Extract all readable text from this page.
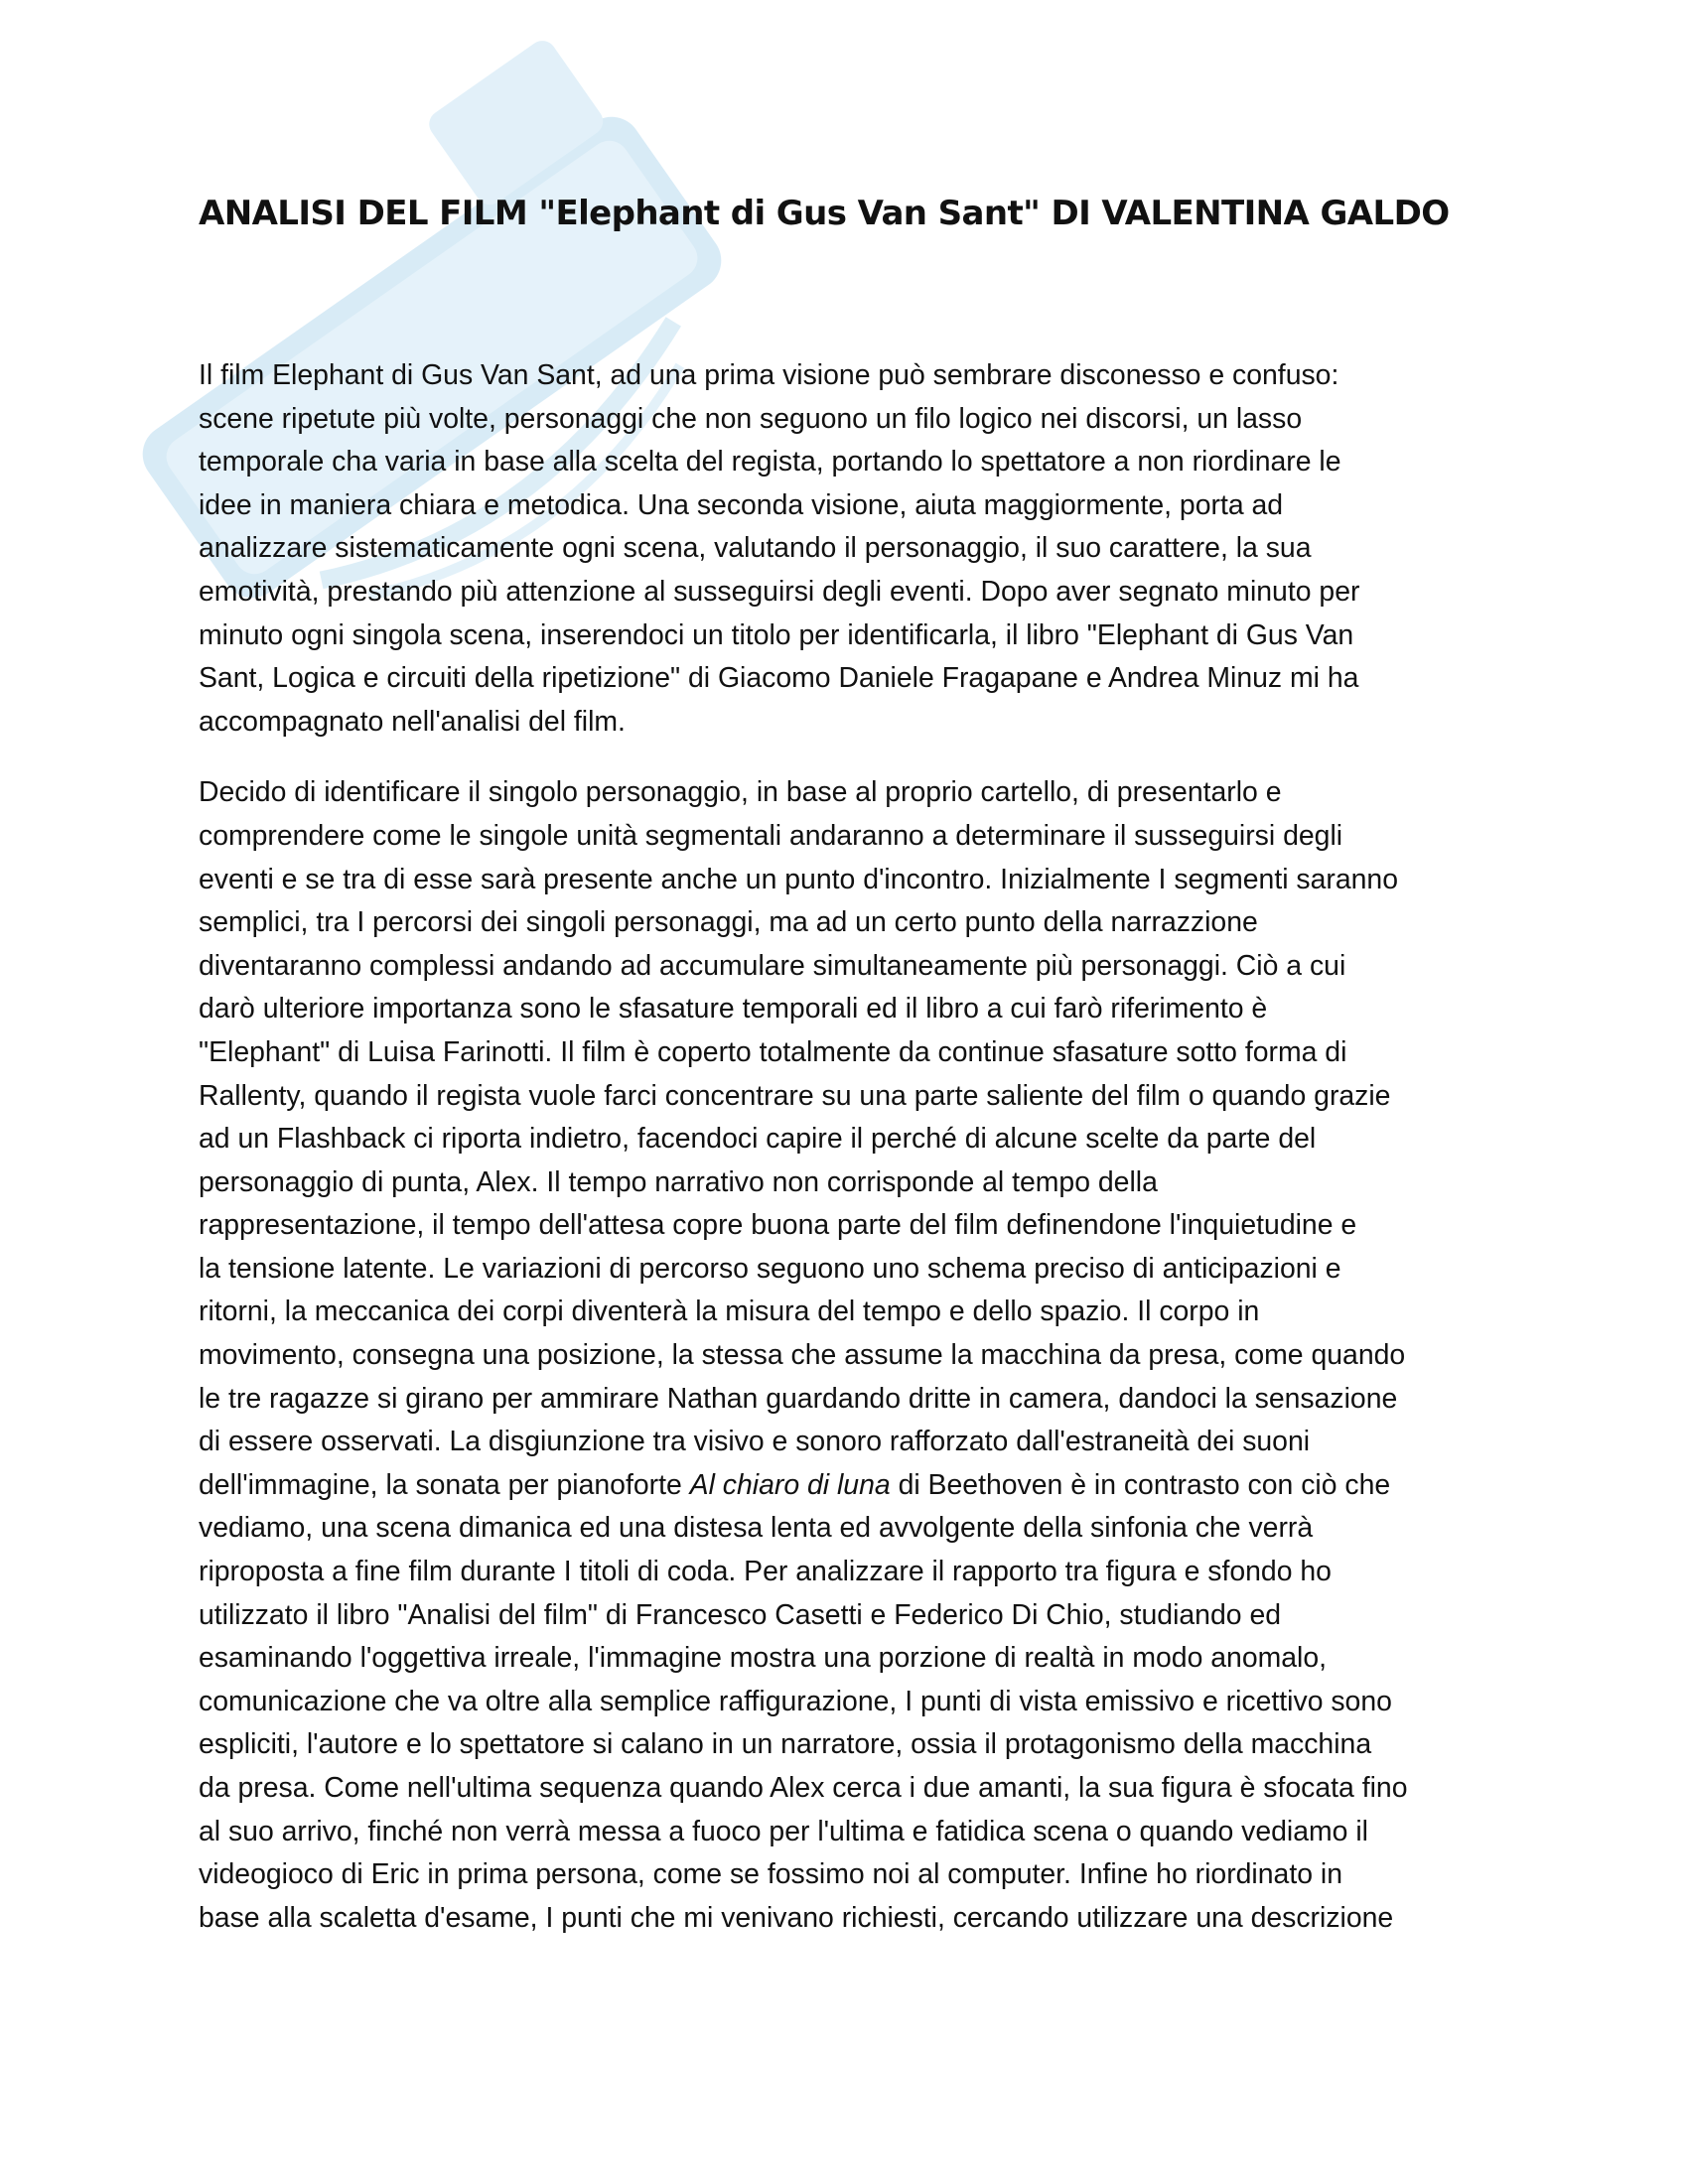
ANALISI DEL FILM "Elephant di Gus Van Sant" DI VALENTINA GALDO
Il film Elephant di Gus Van Sant, ad una prima visione può sembrare disconesso e confuso:
scene ripetute più volte, personaggi che non seguono un filo logico nei discorsi, un lasso
temporale cha varia in base alla scelta del regista, portando lo spettatore a non riordinare le
idee in maniera chiara e metodica. Una seconda visione, aiuta maggiormente, porta ad
analizzare sistematicamente ogni scena, valutando il personaggio, il suo carattere, la sua
emotività, prestando più attenzione al susseguirsi degli eventi. Dopo aver segnato minuto per
minuto ogni singola scena, inserendoci un titolo per identificarla, il libro "Elephant di Gus Van
Sant, Logica e circuiti della ripetizione" di Giacomo Daniele Fragapane e Andrea Minuz mi ha
accompagnato nell'analisi del film.
Decido di identificare il singolo personaggio, in base al proprio cartello, di presentarlo e
comprendere come le singole unità segmentali andaranno a determinare il susseguirsi degli
eventi e se tra di esse sarà presente anche un punto d'incontro. Inizialmente I segmenti saranno
semplici, tra I percorsi dei singoli personaggi, ma ad un certo punto della narrazzione
diventaranno complessi andando ad accumulare simultaneamente più personaggi. Ciò a cui
darò ulteriore importanza sono le sfasature temporali ed il libro a cui farò riferimento è
"Elephant" di Luisa Farinotti. Il film è coperto totalmente da continue sfasature sotto forma di
Rallenty, quando il regista vuole farci concentrare su una parte saliente del film o quando grazie
ad un Flashback ci riporta indietro, facendoci capire il perché di alcune scelte da parte del
personaggio di punta, Alex. Il tempo narrativo non corrisponde al tempo della
rappresentazione, il tempo dell'attesa copre buona parte del film definendone l'inquietudine e
la tensione latente. Le variazioni di percorso seguono uno schema preciso di anticipazioni e
ritorni, la meccanica dei corpi diventerà la misura del tempo e dello spazio. Il corpo in
movimento, consegna una posizione, la stessa che assume la macchina da presa, come quando
le tre ragazze si girano per ammirare Nathan guardando dritte in camera, dandoci la sensazione
di essere osservati. La disgiunzione tra visivo e sonoro rafforzato dall'estraneità dei suoni
dell'immagine, la sonata per pianoforte Al chiaro di luna di Beethoven è in contrasto con ciò che
vediamo, una scena dimanica ed una distesa lenta ed avvolgente della sinfonia che verrà
riproposta a fine film durante I titoli di coda. Per analizzare il rapporto tra figura e sfondo ho
utilizzato il libro "Analisi del film" di Francesco Casetti e Federico Di Chio, studiando ed
esaminando l'oggettiva irreale, l'immagine mostra una porzione di realtà in modo anomalo,
comunicazione che va oltre alla semplice raffigurazione, I punti di vista emissivo e ricettivo sono
espliciti, l'autore e lo spettatore si calano in un narratore, ossia il protagonismo della macchina
da presa. Come nell'ultima sequenza quando Alex cerca i due amanti, la sua figura è sfocata fino
al suo arrivo, finché non verrà messa a fuoco per l'ultima e fatidica scena o quando vediamo il
videogioco di Eric in prima persona, come se fossimo noi al computer. Infine ho riordinato in
base alla scaletta d'esame, I punti che mi venivano richiesti, cercando utilizzare una descrizione
